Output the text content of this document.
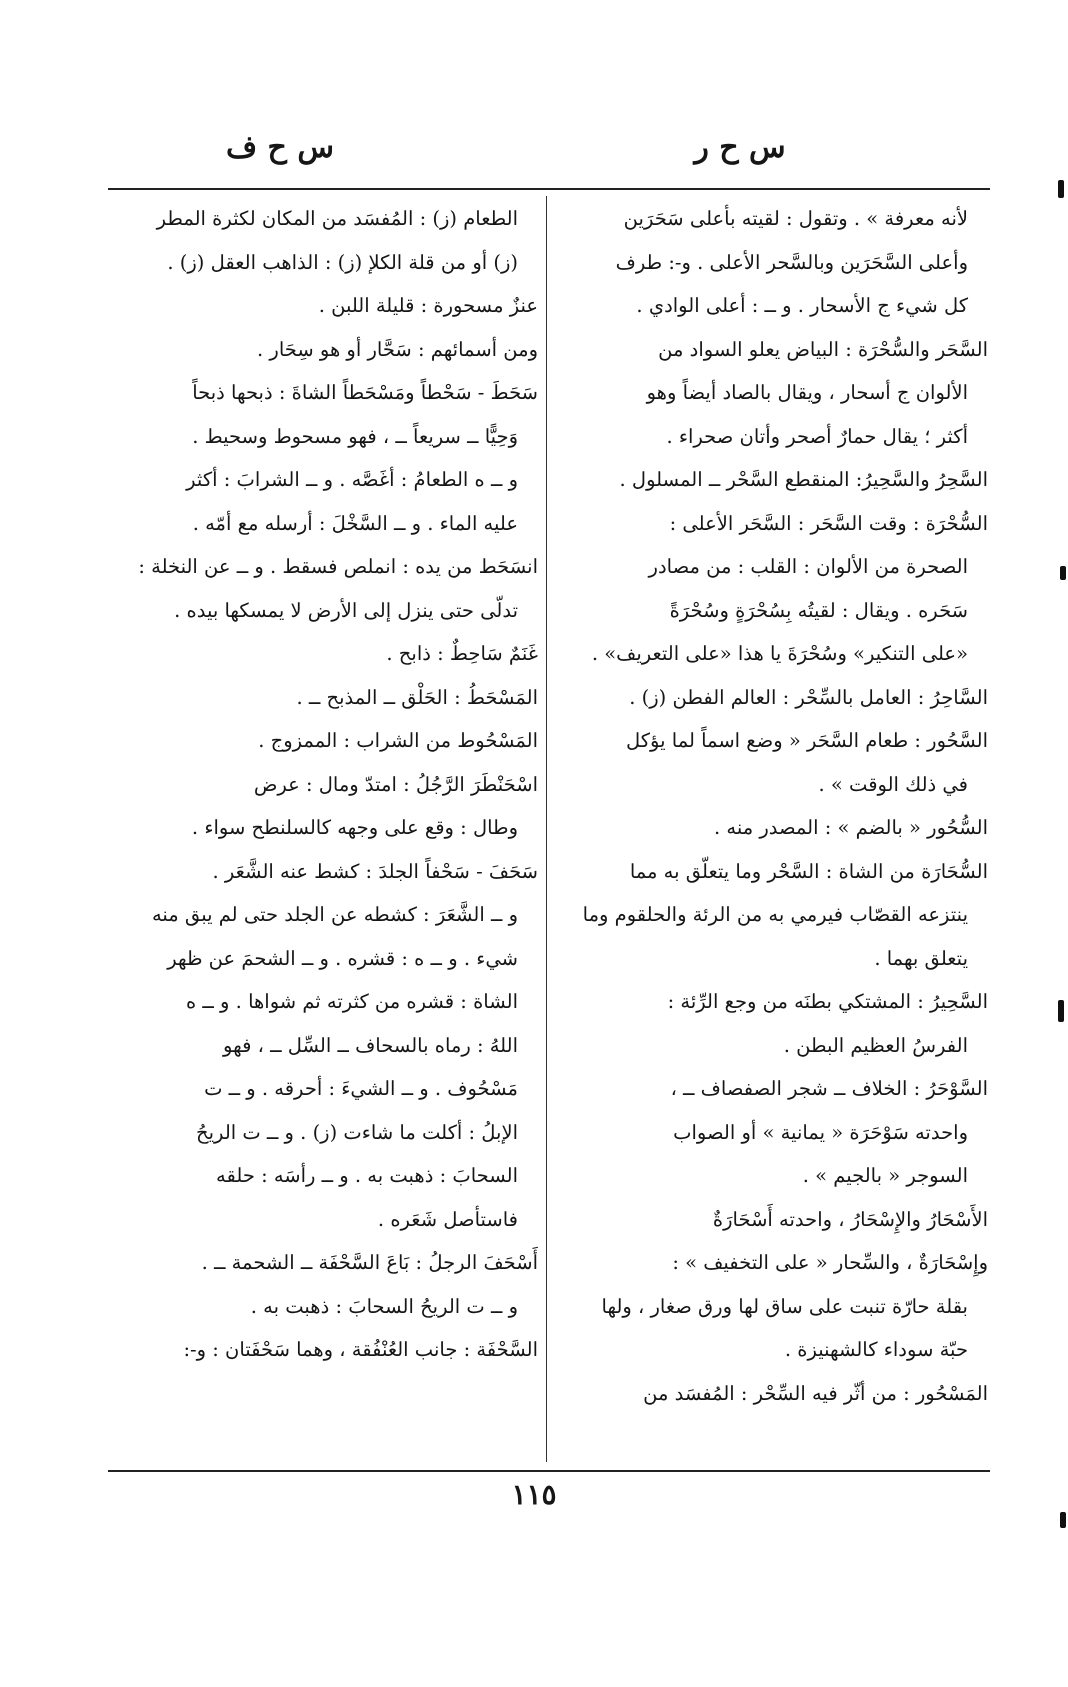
س ح ر
س ح ف
لأنه معرفة » . وتقول : لقيته بأعلى سَحَرَين
وأعلى السَّحَرَين وبالسَّحر الأعلى . و-: طرف
كل شيء ج الأسحار . و ــ : أعلى الوادي .
السَّحَر والسُّحْرَة : البياض يعلو السواد من
الألوان ج أسحار ، ويقال بالصاد أيضاً وهو
أكثر ؛ يقال حمارٌ أصحر وأتان صحراء .
السَّحِرُ والسَّحِيرُ: المنقطع السَّحْر ــ المسلول .
السُّحْرَة : وقت السَّحَر : السَّحَر الأعلى :
الصحرة من الألوان : القلب : من مصادر
سَحَره . ويقال : لقيتُه بِسُحْرَةٍ وسُحْرَةً
«على التنكير» وسُحْرَةَ يا هذا «على التعريف» .
السَّاحِرُ : العامل بالسِّحْر : العالم الفطن (ز) .
السَّحُور : طعام السَّحَر « وضع اسماً لما يؤكل
في ذلك الوقت » .
السُّحُور « بالضم » : المصدر منه .
السُّحَارَة من الشاة : السَّحْر وما يتعلّق به مما
ينتزعه القصّاب فيرمي به من الرئة والحلقوم وما
يتعلق بهما .
السَّحِيرُ : المشتكي بطنَه من وجع الرِّئة :
الفرسُ العظيم البطن .
السَّوْحَرُ : الخلاف ــ شجر الصفصاف ــ ،
واحدته سَوْحَرَة « يمانية » أو الصواب
السوجر « بالجيم » .
الأَسْحَارُ والإِسْحَارُ ، واحدته أَسْحَارَةٌ
وإِسْحَارَةٌ ، والسِّحار « على التخفيف » :
بقلة حارّة تنبت على ساق لها ورق صغار ، ولها
حبّة سوداء كالشهنيزة .
المَسْحُور : من أثّر فيه السِّحْر : المُفسَد من
الطعام (ز) : المُفسَد من المكان لكثرة المطر
(ز) أو من قلة الكلإ (ز) : الذاهب العقل (ز) .
عنزٌ مسحورة : قليلة اللبن .
ومن أسمائهم : سَحَّار أو هو سِحَار .
سَحَطَ - سَحْطاً ومَسْحَطاً الشاةَ : ذبحها ذبحاً
وَحِيًّا ــ سريعاً ــ ، فهو مسحوط وسحيط .
و ــ ه الطعامُ : أغَصَّه . و ــ الشرابَ : أكثر
عليه الماء . و ــ السَّخْلَ : أرسله مع أمّه .
انسَحَط من يده : انملص فسقط . و ــ عن النخلة :
تدلّى حتى ينزل إلى الأرض لا يمسكها بيده .
غَنَمٌ سَاحِطٌ : ذابح .
المَسْحَطُ : الحَلْق ــ المذبح ــ .
المَسْحُوط من الشراب : الممزوج .
اسْحَنْطَرَ الرَّجُلُ : امتدّ ومال : عرض
وطال : وقع على وجهه كالسلنطح سواء .
سَحَفَ - سَحْفاً الجلدَ : كشط عنه الشَّعَر .
و ــ الشَّعَرَ : كشطه عن الجلد حتى لم يبق منه
شيء . و ــ ه : قشره . و ــ الشحمَ عن ظهر
الشاة : قشره من كثرته ثم شواها . و ــ ه
اللهُ : رماه بالسحاف ــ السِّل ــ ، فهو
مَسْحُوف . و ــ الشيءَ : أحرقه . و ــ ت
الإبلُ : أكلت ما شاءت (ز) . و ــ ت الريحُ
السحابَ : ذهبت به . و ــ رأسَه : حلقه
فاستأصل شَعَره .
أَسْحَفَ الرجلُ : بَاعَ السَّحْفَة ــ الشحمة ــ .
و ــ ت الريحُ السحابَ : ذهبت به .
السَّحْفَة : جانب العُنْفُقة ، وهما سَحْفَتان : و-:
١١٥
